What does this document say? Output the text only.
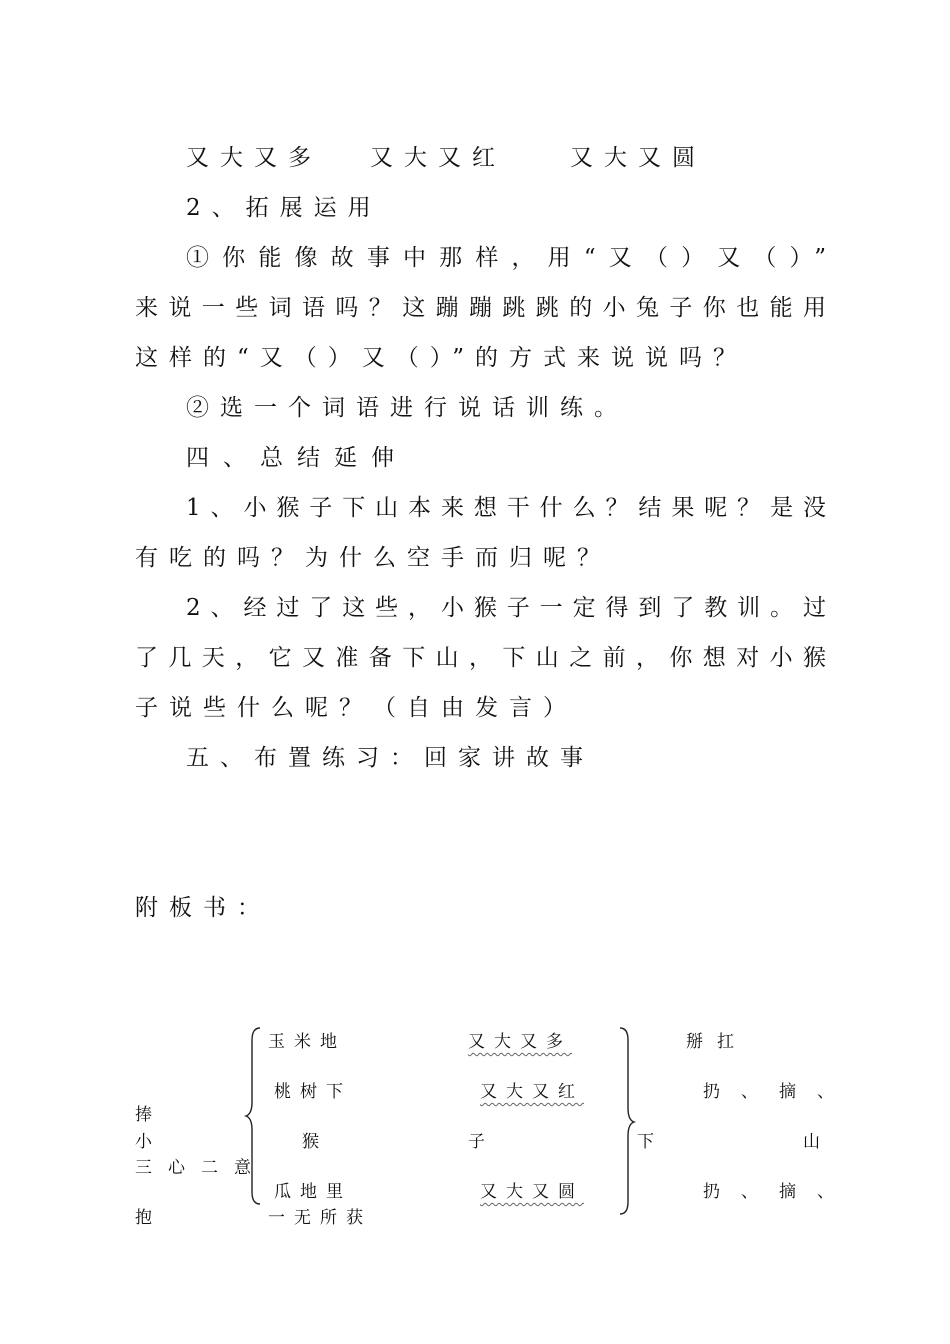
又大又多 又大又红	又大又圆
2、拓展运用
①你能像故事中那样，用“又（）又（）”
来说一些词语吗？这蹦蹦跳跳的小兔子你也能用
这样的“又（）又（）”的方式来说说吗？
②选一个词语进行说话训练。
四、总结延伸
1、小猴子下山本来想干什么？结果呢？是没
有吃的吗？为什么空手而归呢？
2、经过了这些，小猴子一定得到了教训。过
了几天，它又准备下山，下山之前，你想对小猴
子说些什么呢？（自由发言）
五、布置练习：回家讲故事
附板书：
捧
小
三心二意
抱
玉米地
桃树下
猴
瓜地里
一无所获
又大又多
又大又红
子
又大又圆
下
掰扛
扔、摘、
山
扔、摘、
